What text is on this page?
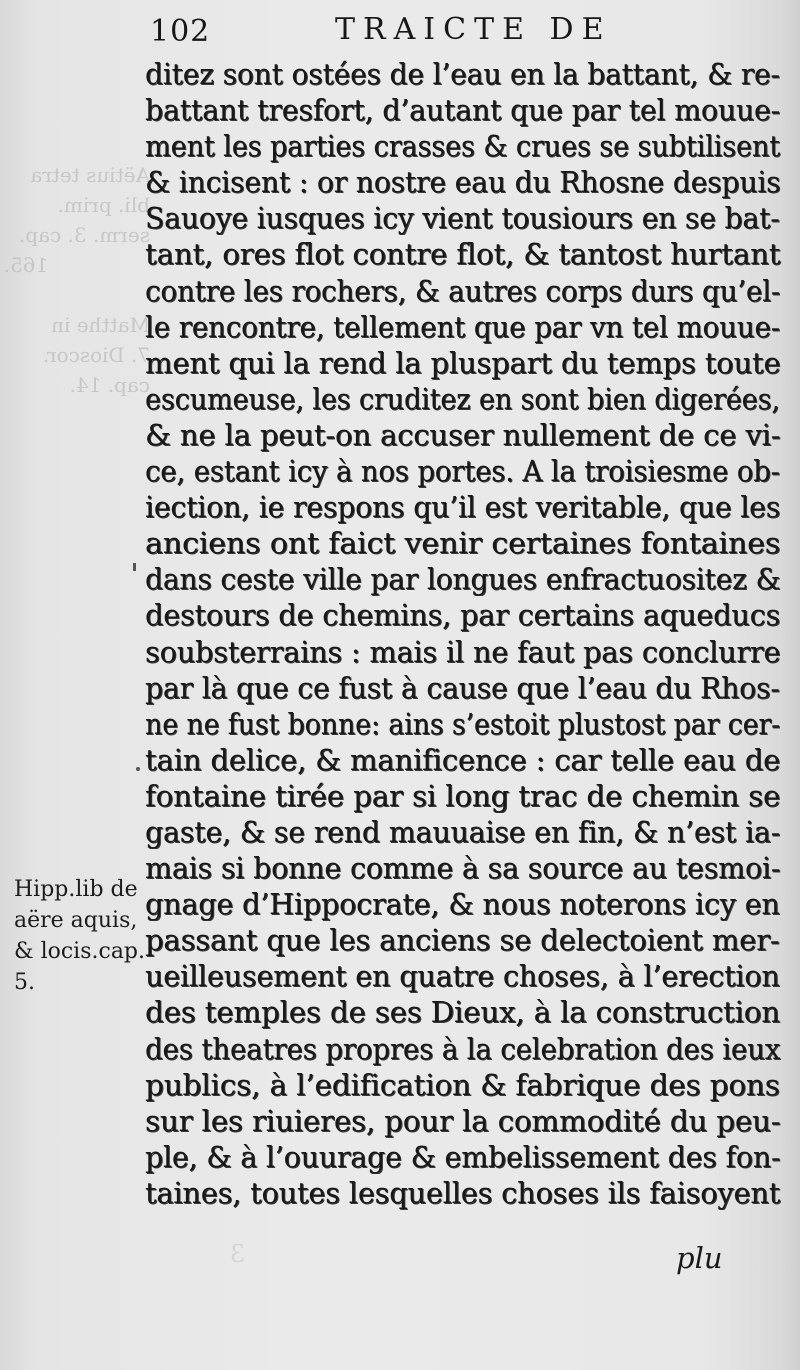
102	TRAICTE DE
Aëtius tetra
bli. prim.
serm. 3. cap.
165.

Matthe in
7. Dioscor.
cap. 14.
ditez sont ostées de l’eau en la battant, & re-
battant tresfort, d’autant que par tel mouue-
ment les parties crasses & crues se subtilisent
& incisent : or nostre eau du Rhosne despuis
Sauoye iusques icy vient tousiours en se bat-
tant, ores flot contre flot, & tantost hurtant
contre les rochers, & autres corps durs qu’el-
le rencontre, tellement que par vn tel mouue-
ment qui la rend la pluspart du temps toute
escumeuse, les cruditez en sont bien digerées,
& ne la peut-on accuser nullement de ce vi-
ce, estant icy à nos portes. A la troisiesme ob-
iection, ie respons qu’il est veritable, que les
anciens ont faict venir certaines fontaines
dans ceste ville par longues enfractuositez &
destours de chemins, par certains aqueducs
soubsterrains : mais il ne faut pas conclurre
par là que ce fust à cause que l’eau du Rhos-
ne ne fust bonne: ains s’estoit plustost par cer-
tain delice, & manificence : car telle eau de
fontaine tirée par si long trac de chemin se
gaste, & se rend mauuaise en fin, & n’est ia-
mais si bonne comme à sa source au tesmoi-
gnage d’Hippocrate, & nous noterons icy en
passant que les anciens se delectoient mer-
ueilleusement en quatre choses, à l’erection
des temples de ses Dieux, à la construction
des theatres propres à la celebration des ieux
publics, à l’edification & fabrique des pons
sur les riuieres, pour la commodité du peu-
ple, & à l’ouurage & embelissement des fon-
taines, toutes lesquelles choses ils faisoyent
Hipp.lib de
aëre aquis,
& locis.cap.
5.
3	plu
